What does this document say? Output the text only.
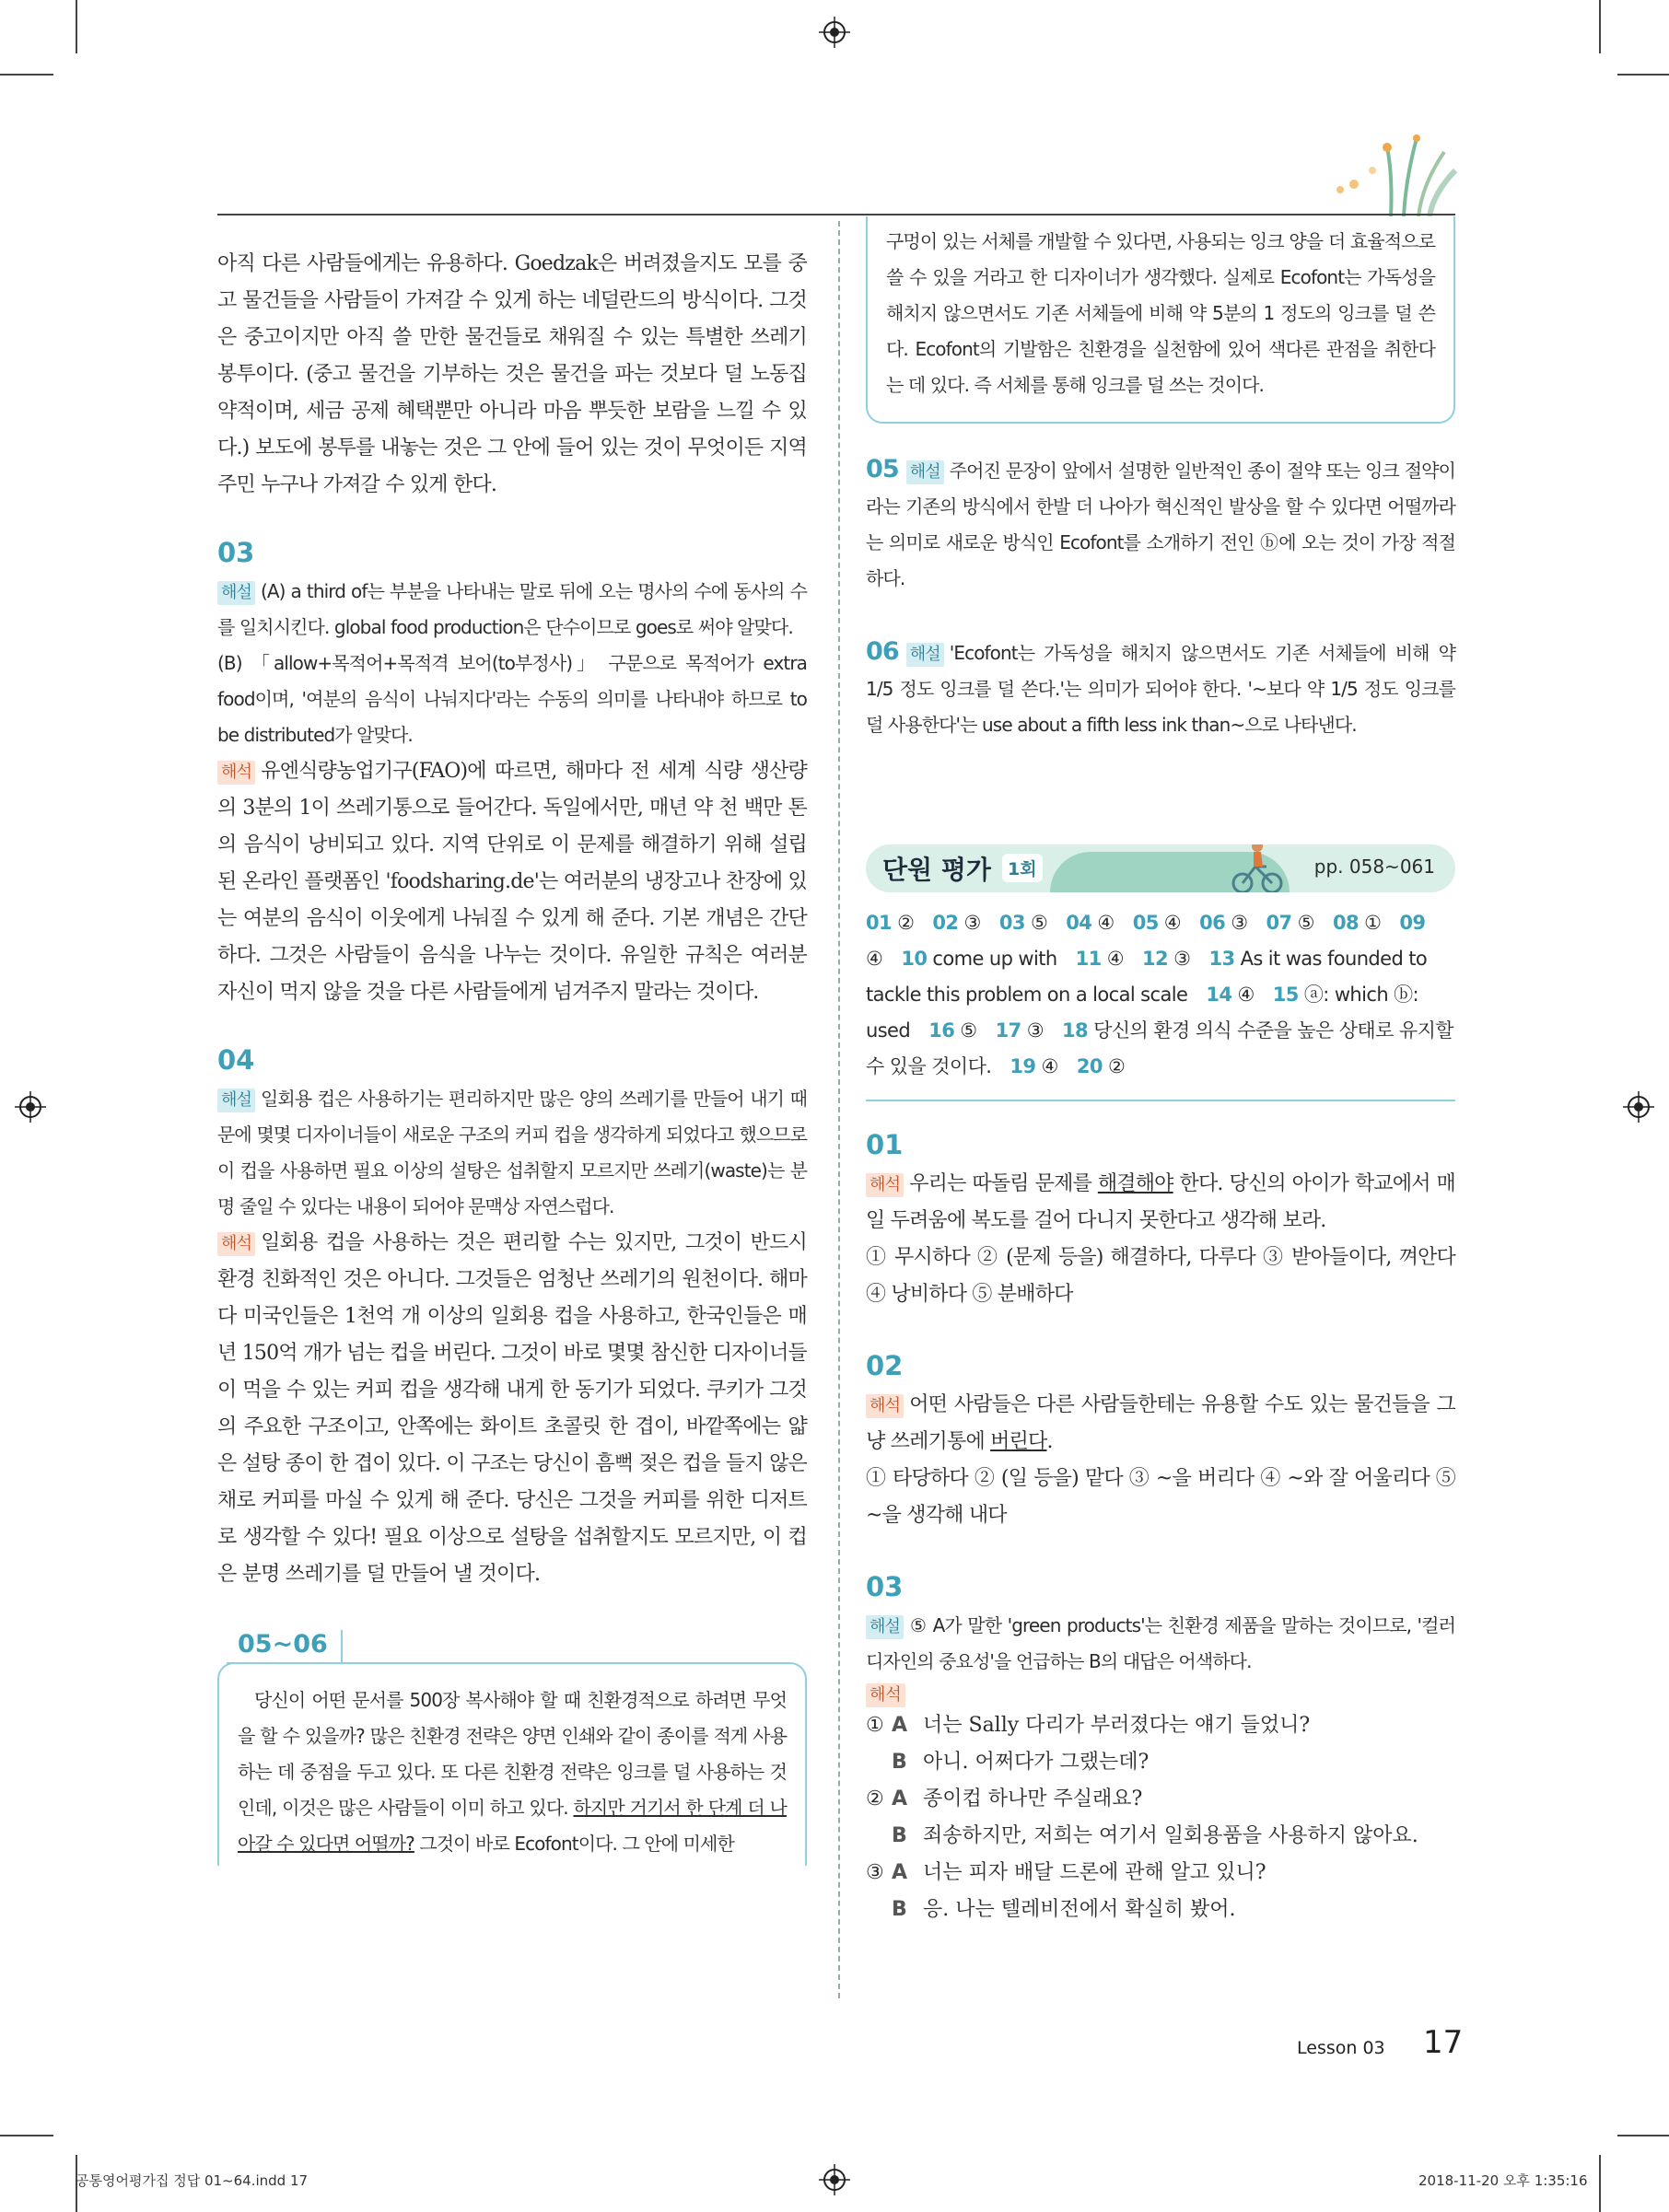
아직 다른 사람들에게는 유용하다. Goedzak은 버려졌을지도 모를 중고 물건들을 사람들이 가져갈 수 있게 하는 네덜란드의 방식이다. 그것은 중고이지만 아직 쓸 만한 물건들로 채워질 수 있는 특별한 쓰레기 봉투이다. (중고 물건을 기부하는 것은 물건을 파는 것보다 덜 노동집약적이며, 세금 공제 혜택뿐만 아니라 마음 뿌듯한 보람을 느낄 수 있다.) 보도에 봉투를 내놓는 것은 그 안에 들어 있는 것이 무엇이든 지역 주민 누구나 가져갈 수 있게 한다.

03

해설 (A) a third of는 부분을 나타내는 말로 뒤에 오는 명사의 수에 동사의 수를 일치시킨다. global food production은 단수이므로 goes로 써야 알맞다.

(B) 「allow+목적어+목적격 보어(to부정사)」 구문으로 목적어가 extra food이며, '여분의 음식이 나눠지다'라는 수동의 의미를 나타내야 하므로 to be distributed가 알맞다.

해석 유엔식량농업기구(FAO)에 따르면, 해마다 전 세계 식량 생산량의 3분의 1이 쓰레기통으로 들어간다. 독일에서만, 매년 약 천 백만 톤의 음식이 낭비되고 있다. 지역 단위로 이 문제를 해결하기 위해 설립된 온라인 플랫폼인 'foodsharing.de'는 여러분의 냉장고나 찬장에 있는 여분의 음식이 이웃에게 나눠질 수 있게 해 준다. 기본 개념은 간단하다. 그것은 사람들이 음식을 나누는 것이다. 유일한 규칙은 여러분 자신이 먹지 않을 것을 다른 사람들에게 넘겨주지 말라는 것이다.

04

해설 일회용 컵은 사용하기는 편리하지만 많은 양의 쓰레기를 만들어 내기 때문에 몇몇 디자이너들이 새로운 구조의 커피 컵을 생각하게 되었다고 했으므로 이 컵을 사용하면 필요 이상의 설탕은 섭취할지 모르지만 쓰레기(waste)는 분명 줄일 수 있다는 내용이 되어야 문맥상 자연스럽다.

해석 일회용 컵을 사용하는 것은 편리할 수는 있지만, 그것이 반드시 환경 친화적인 것은 아니다. 그것들은 엄청난 쓰레기의 원천이다. 해마다 미국인들은 1천억 개 이상의 일회용 컵을 사용하고, 한국인들은 매년 150억 개가 넘는 컵을 버린다. 그것이 바로 몇몇 참신한 디자이너들이 먹을 수 있는 커피 컵을 생각해 내게 한 동기가 되었다. 쿠키가 그것의 주요한 구조이고, 안쪽에는 화이트 초콜릿 한 겹이, 바깥쪽에는 얇은 설탕 종이 한 겹이 있다. 이 구조는 당신이 흠뻑 젖은 컵을 들지 않은 채로 커피를 마실 수 있게 해 준다. 당신은 그것을 커피를 위한 디저트로 생각할 수 있다! 필요 이상으로 설탕을 섭취할지도 모르지만, 이 컵은 분명 쓰레기를 덜 만들어 낼 것이다.

05~06

당신이 어떤 문서를 500장 복사해야 할 때 친환경적으로 하려면 무엇을 할 수 있을까? 많은 친환경 전략은 양면 인쇄와 같이 종이를 적게 사용하는 데 중점을 두고 있다. 또 다른 친환경 전략은 잉크를 덜 사용하는 것인데, 이것은 많은 사람들이 이미 하고 있다. 하지만 거기서 한 단계 더 나아갈 수 있다면 어떨까? 그것이 바로 Ecofont이다. 그 안에 미세한

구멍이 있는 서체를 개발할 수 있다면, 사용되는 잉크 양을 더 효율적으로 쓸 수 있을 거라고 한 디자이너가 생각했다. 실제로 Ecofont는 가독성을 해치지 않으면서도 기존 서체들에 비해 약 5분의 1 정도의 잉크를 덜 쓴다. Ecofont의 기발함은 친환경을 실천함에 있어 색다른 관점을 취한다는 데 있다. 즉 서체를 통해 잉크를 덜 쓰는 것이다.

05 해설 주어진 문장이 앞에서 설명한 일반적인 종이 절약 또는 잉크 절약이라는 기존의 방식에서 한발 더 나아가 혁신적인 발상을 할 수 있다면 어떨까라는 의미로 새로운 방식인 Ecofont를 소개하기 전인 ⓑ에 오는 것이 가장 적절하다.

06 해설 'Ecofont는 가독성을 해치지 않으면서도 기존 서체들에 비해 약 1/5 정도 잉크를 덜 쓴다.'는 의미가 되어야 한다. '~보다 약 1/5 정도 잉크를 덜 사용한다'는 use about a fifth less ink than~으로 나타낸다.

단원 평가 1회	pp. 058~061
01 ② 02 ③ 03 ⑤ 04 ④ 05 ④ 06 ③ 07 ⑤ 08 ① 09 ④ 10 come up with 11 ④ 12 ③ 13 As it was founded to tackle this problem on a local scale 14 ④ 15 ⓐ: which ⓑ: used 16 ⑤ 17 ③ 18 당신의 환경 의식 수준을 높은 상태로 유지할 수 있을 것이다. 19 ④ 20 ②
01

해석 우리는 따돌림 문제를 해결해야 한다. 당신의 아이가 학교에서 매일 두려움에 복도를 걸어 다니지 못한다고 생각해 보라.

① 무시하다 ② (문제 등을) 해결하다, 다루다 ③ 받아들이다, 껴안다 ④ 낭비하다 ⑤ 분배하다

02

해석 어떤 사람들은 다른 사람들한테는 유용할 수도 있는 물건들을 그냥 쓰레기통에 버린다.

① 타당하다 ② (일 등을) 맡다 ③ ~을 버리다 ④ ~와 잘 어울리다 ⑤ ~을 생각해 내다

03

해설 ⑤ A가 말한 'green products'는 친환경 제품을 말하는 것이므로, '컬러 디자인의 중요성'을 언급하는 B의 대답은 어색하다.

해석
① A 너는 Sally 다리가 부러졌다는 얘기 들었니?
B 아니. 어쩌다가 그랬는데?
② A 종이컵 하나만 주실래요?
B 죄송하지만, 저희는 여기서 일회용품을 사용하지 않아요.
③ A 너는 피자 배달 드론에 관해 알고 있니?
B 응. 나는 텔레비전에서 확실히 봤어.
Lesson 03 17
공통영어평가집 정답 01~64.indd 17	2018-11-20 오후 1:35:16
